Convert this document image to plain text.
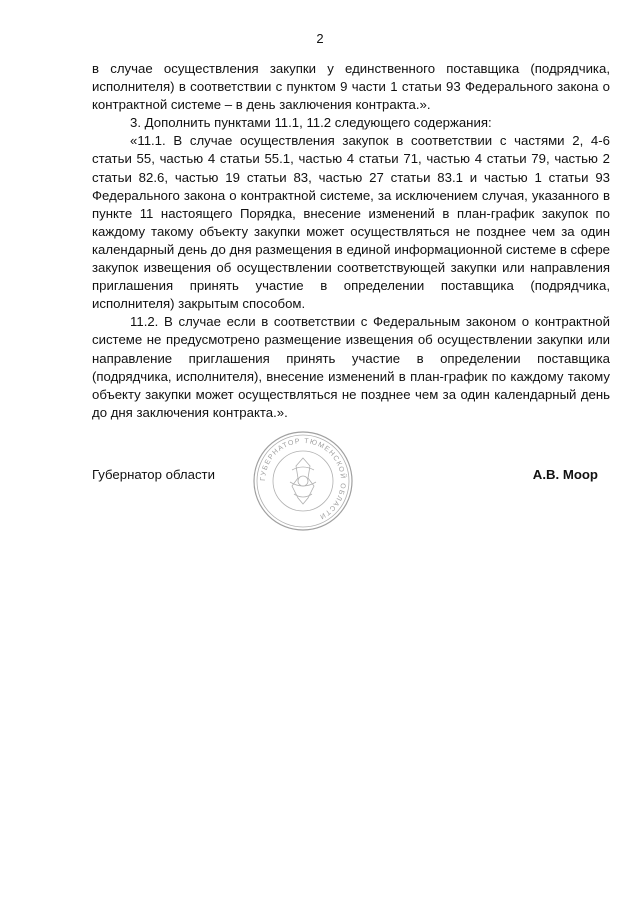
2

в случае осуществления закупки у единственного поставщика (подрядчика, исполнителя) в соответствии с пунктом 9 части 1 статьи 93 Федерального закона о контрактной системе – в день заключения контракта.».

3. Дополнить пунктами 11.1, 11.2 следующего содержания:

«11.1. В случае осуществления закупок в соответствии с частями 2, 4-6 статьи 55, частью 4 статьи 55.1, частью 4 статьи 71, частью 4 статьи 79, частью 2 статьи 82.6, частью 19 статьи 83, частью 27 статьи 83.1 и частью 1 статьи 93 Федерального закона о контрактной системе, за исключением случая, указанного в пункте 11 настоящего Порядка, внесение изменений в план-график закупок по каждому такому объекту закупки может осуществляться не позднее чем за один календарный день до дня размещения в единой информационной системе в сфере закупок извещения об осуществлении соответствующей закупки или направления приглашения принять участие в определении поставщика (подрядчика, исполнителя) закрытым способом.

11.2. В случае если в соответствии с Федеральным законом о контрактной системе не предусмотрено размещение извещения об осуществлении закупки или направление приглашения принять участие в определении поставщика (подрядчика, исполнителя), внесение изменений в план-график по каждому такому объекту закупки может осуществляться не позднее чем за один календарный день до дня заключения контракта.».

Губернатор области	А.В. Моор
ГУБЕРНАТОР ТЮМЕНСКОЙ ОБЛАСТИ
